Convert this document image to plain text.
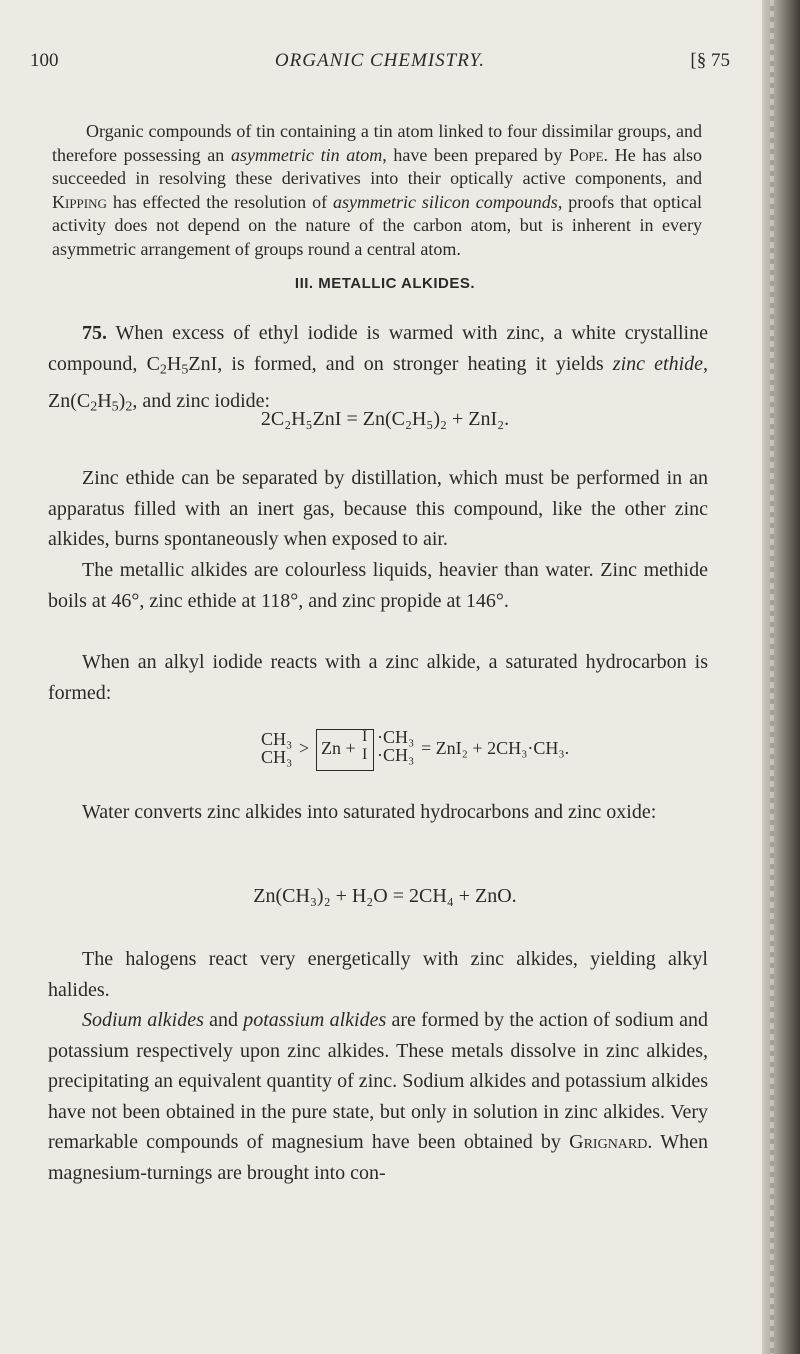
100	ORGANIC CHEMISTRY.	[§ 75
Organic compounds of tin containing a tin atom linked to four dissimilar groups, and therefore possessing an asymmetric tin atom, have been prepared by Pope. He has also succeeded in resolving these derivatives into their optically active components, and Kipping has effected the resolution of asymmetric silicon compounds, proofs that optical activity does not depend on the nature of the carbon atom, but is inherent in every asymmetric arrangement of groups round a central atom.
III. METALLIC ALKIDES.
75. When excess of ethyl iodide is warmed with zinc, a white crystalline compound, $C_2H_5ZnI$, is formed, and on stronger heating it yields zinc ethide, $Zn(C_2H_5)_2$, and zinc iodide:
2C₂H₅ZnI = Zn(C₂H₅)₂ + ZnI₂.
Zinc ethide can be separated by distillation, which must be performed in an apparatus filled with an inert gas, because this compound, like the other zinc alkides, burns spontaneously when exposed to air.
The metallic alkides are colourless liquids, heavier than water. Zinc methide boils at 46°, zinc ethide at 118°, and zinc propide at 146°.
When an alkyl iodide reacts with a zinc alkide, a saturated hydrocarbon is formed:
CH₃
CH₃ > Zn +
I
I
·CH₃
·CH₃ = ZnI₂ + 2CH₃·CH₃.
Water converts zinc alkides into saturated hydrocarbons and zinc oxide:
Zn(CH₃)₂ + H₂O = 2CH₄ + ZnO.
The halogens react very energetically with zinc alkides, yielding alkyl halides.
Sodium alkides and potassium alkides are formed by the action of sodium and potassium respectively upon zinc alkides. These metals dissolve in zinc alkides, precipitating an equivalent quantity of zinc. Sodium alkides and potassium alkides have not been obtained in the pure state, but only in solution in zinc alkides. Very remarkable compounds of magnesium have been obtained by Grignard. When magnesium-turnings are brought into con-
